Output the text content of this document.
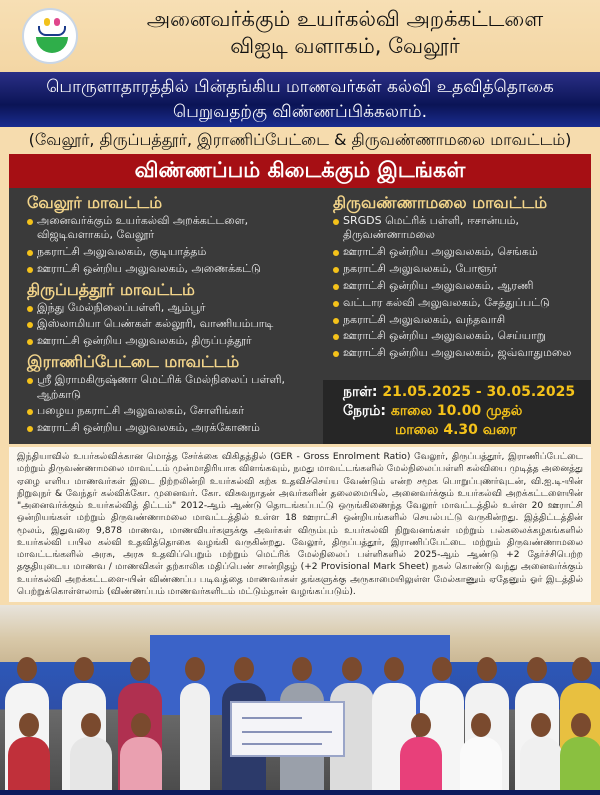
அனைவர்க்கும் உயர்கல்வி அறக்கட்டளை
விஐடி வளாகம், வேலூர்
பொருளாதாரத்தில் பின்தங்கிய மாணவர்கள் கல்வி உதவித்தொகை
பெறுவதற்கு விண்ணப்பிக்கலாம்.
(வேலூர், திருப்பத்தூர், இராணிப்பேட்டை & திருவண்ணாமலை மாவட்டம்)
விண்ணப்பம் கிடைக்கும் இடங்கள்
வேலூர் மாவட்டம்
அனைவர்க்கும் உயர்கல்வி அறக்கட்டளை, விஜடிவளாகம், வேலூர்
நகராட்சி அலுவலகம், குடியாத்தம்
ஊராட்சி ஒன்றிய அலுவலகம், அணைக்கட்டு
திருப்பத்தூர் மாவட்டம்
இந்து மேல்நிலைப்பள்ளி, ஆம்பூர்
இஸ்லாமியா பெண்கள் கல்லூரி, வாணியம்பாடி
ஊராட்சி ஒன்றிய அலுவலகம், திருப்பத்தூர்
இராணிப்பேட்டை மாவட்டம்
ஸ்ரீ இராமகிருஷ்ணா மெட்ரிக் மேல்நிலைப் பள்ளி, ஆற்காடு
பழைய நகராட்சி அலுவலகம், சோளிங்கர்
ஊராட்சி ஒன்றிய அலுவலகம், அரக்கோணம்
திருவண்ணாமலை மாவட்டம்
SRGDS மெட்ரிக் பள்ளி, ஈசான்யம், திருவண்ணாமலை
ஊராட்சி ஒன்றிய அலுவலகம், செங்கம்
நகராட்சி அலுவலகம், போளூர்
ஊராட்சி ஒன்றிய அலுவலகம், ஆரணி
வட்டார கல்வி அலுவலகம், சேத்துப்பட்டு
நகராட்சி அலுவலகம், வந்தவாசி
ஊராட்சி ஒன்றிய அலுவலகம், செய்யாறு
ஊராட்சி ஒன்றிய அலுவலகம், ஜவ்வாதுமலை
நாள்: 21.05.2025 - 30.05.2025
நேரம்: காலை 10.00 முதல்
மாலை 4.30 வரை
இந்தியாவில் உயர்கல்விக்கான மொத்த சேர்க்கை விகிதத்தில் (GER - Gross Enrolment Ratio) வேலூர், திருப்பத்தூர், இராணிப்பேட்டை மற்றும் திருவண்ணாமலை மாவட்டம் முன்மாதிரியாக விளங்கவும், நமது மாவட்டங்களில் மேல்நிலைப்பள்ளி கல்வியை முடித்த அனைத்து ஏழை எளிய மாணவர்கள் இடை நிற்றலின்றி உயர்கல்வி கற்க உதவிச்செய்ய வேண்டும் என்ற சமூக பொறுப்புணர்வுடன், வி.ஐ.டி-யின் நிறுவுநர் & வேந்தர் கல்விக்கோ. முனைவர். கோ. விசுவநாதன் அவர்களின் தலைமையில், அனைவர்க்கும் உயர்கல்வி அறக்கட்டளையின் "அனைவர்க்கும் உயர்கல்வித் திட்டம்" 2012-ஆம் ஆண்டு தொடங்கப்பட்டு ஒருங்கிணைந்த வேலூர் மாவட்டத்தில் உள்ள 20 ஊராட்சி ஒன்றியங்கள் மற்றும் திருவண்ணாமலை மாவட்டத்தில் உள்ள 18 ஊராட்சி ஒன்றியங்களில் செயல்பட்டு வருகின்றது. இத்திட்டத்தின் மூலம், இதுவரை 9,878 மாணவ, மாணவியர்களுக்கு அவர்கள் விரும்பும் உயர்கல்வி நிறுவனங்கள் மற்றும் பல்கலைக்கழகங்களில் உயர்கல்வி பயில கல்வி உதவித்தொகை வழங்கி வருகின்றது. வேலூர், திருப்பத்தூர், இராணிப்பேட்டை மற்றும் திருவண்ணாமலை மாவட்டங்களில் அரசு, அரசு உதவிப்பெறும் மற்றும் மெட்ரிக் மேல்நிலைப் பள்ளிகளில் 2025-ஆம் ஆண்டு +2 தேர்ச்சிபெற்ற தகுதியுடைய மாணவ / மாணவிகள் தற்காலிக மதிப்பெண் சான்றிதழ் (+2 Provisional Mark Sheet) நகல் கொண்டு வந்து அனைவர்க்கும் உயர்கல்வி அறக்கட்டளை-யின் விண்ணப்ப படிவத்தை மாணவர்கள் தங்களுக்கு அருகாமையிலுள்ள மேல்காணும் ஏதேனும் ஓர் இடத்தில் பெற்றுக்கொள்ளலாம் (விண்ணப்பம் மாணவர்களிடம் மட்டும்தான் வழங்கப்படும்).
